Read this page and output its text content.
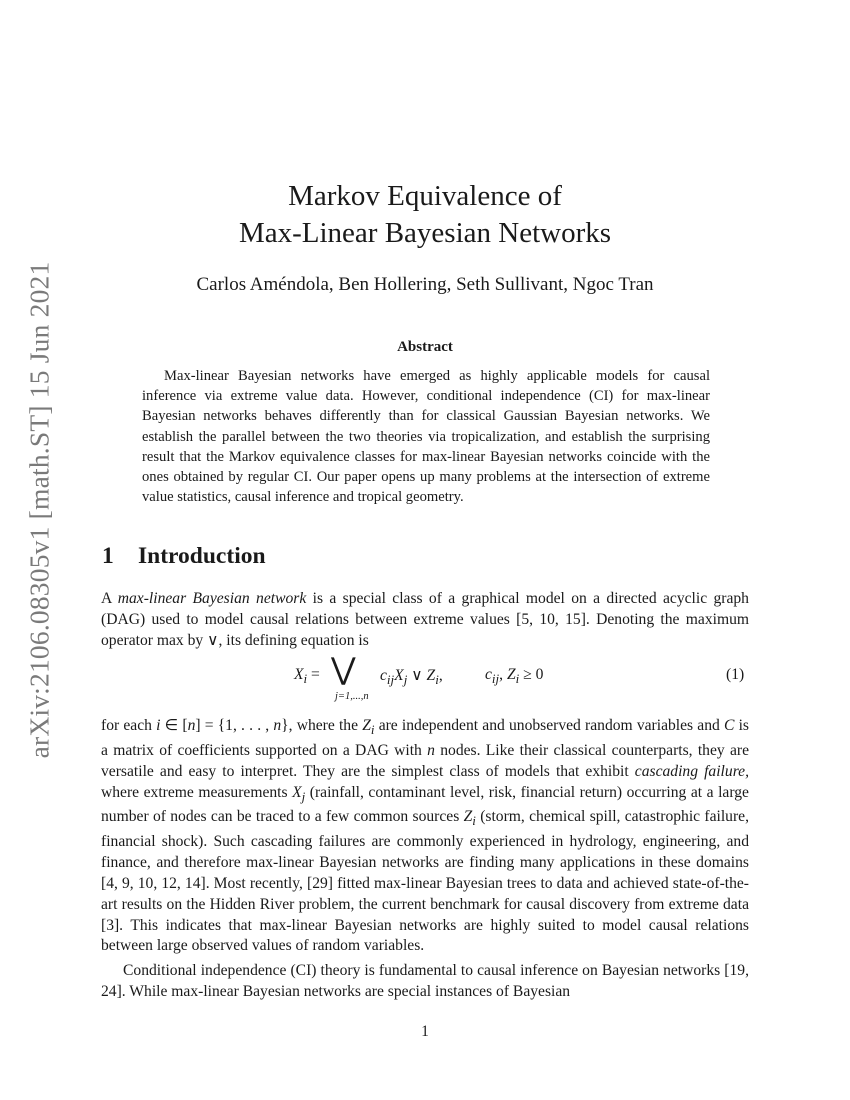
arXiv:2106.08305v1 [math.ST] 15 Jun 2021
Markov Equivalence of
Max-Linear Bayesian Networks
Carlos Améndola, Ben Hollering, Seth Sullivant, Ngoc Tran
Abstract
Max-linear Bayesian networks have emerged as highly applicable models for causal inference via extreme value data. However, conditional independence (CI) for max-linear Bayesian networks behaves differently than for classical Gaussian Bayesian networks. We establish the parallel between the two theories via tropicalization, and establish the surprising result that the Markov equivalence classes for max-linear Bayesian networks coincide with the ones obtained by regular CI. Our paper opens up many problems at the intersection of extreme value statistics, causal inference and tropical geometry.
1 Introduction
A max-linear Bayesian network is a special class of a graphical model on a directed acyclic graph (DAG) used to model causal relations between extreme values [5, 10, 15]. Denoting the maximum operator max by ∨, its defining equation is
$X_i$ = ⋁
j=1,...,n
$c_{ij}X_j$ ∨ $Z_i$,	$c_{ij}$, $Z_i \ge 0$	(1)
for each i ∈ [n] = {1, . . . , n}, where the $Z_i$ are independent and unobserved random variables and C is a matrix of coefficients supported on a DAG with n nodes. Like their classical counterparts, they are versatile and easy to interpret. They are the simplest class of models that exhibit cascading failure, where extreme measurements $X_j$ (rainfall, contaminant level, risk, financial return) occurring at a large number of nodes can be traced to a few common sources $Z_i$ (storm, chemical spill, catastrophic failure, financial shock). Such cascading failures are commonly experienced in hydrology, engineering, and finance, and therefore max-linear Bayesian networks are finding many applications in these domains [4, 9, 10, 12, 14]. Most recently, [29] fitted max-linear Bayesian trees to data and achieved state-of-the-art results on the Hidden River problem, the current benchmark for causal discovery from extreme data [3]. This indicates that max-linear Bayesian networks are highly suited to model causal relations between large observed values of random variables.
Conditional independence (CI) theory is fundamental to causal inference on Bayesian networks [19, 24]. While max-linear Bayesian networks are special instances of Bayesian
1
